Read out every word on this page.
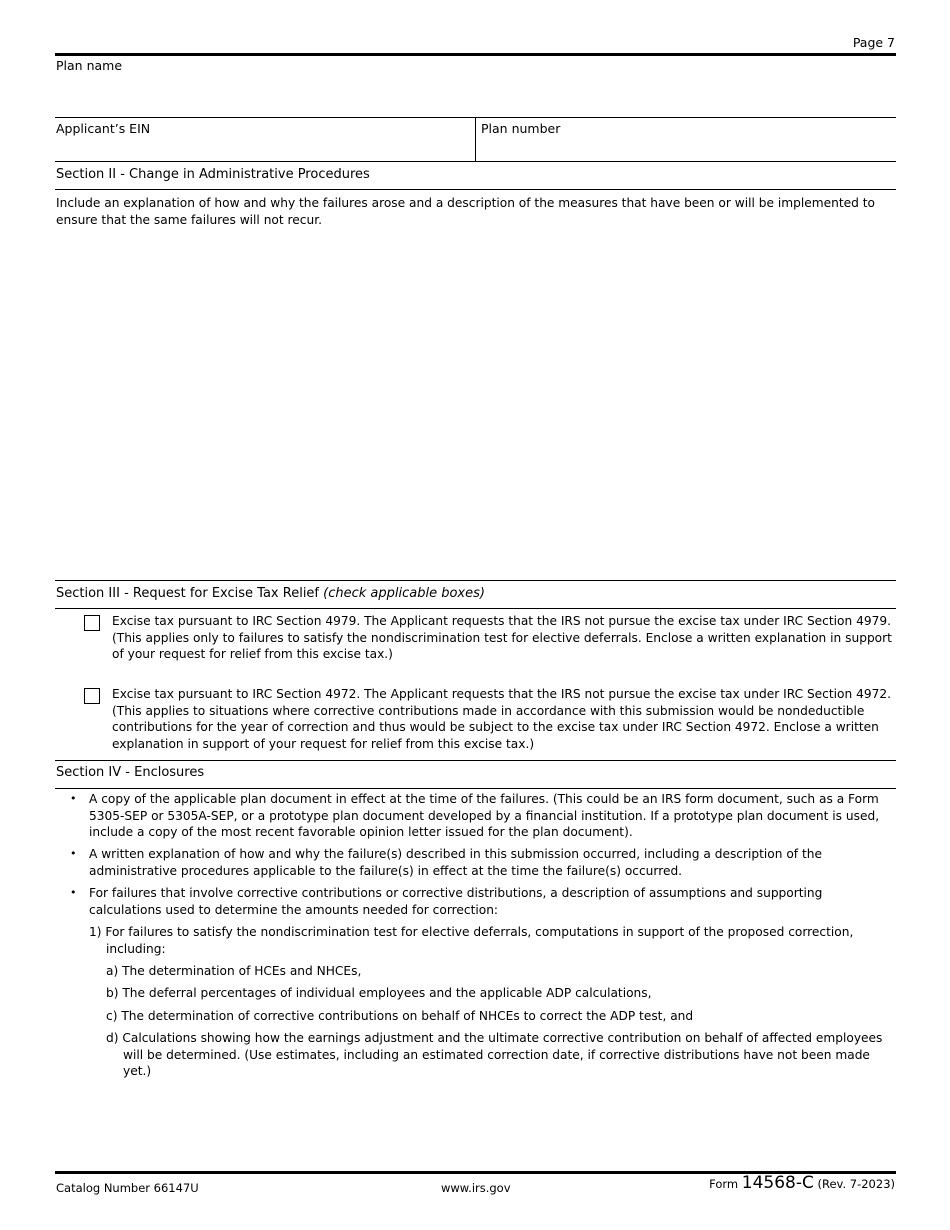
Page 7
Plan name
Applicant’s EIN	Plan number
Section II - Change in Administrative Procedures
Include an explanation of how and why the failures arose and a description of the measures that have been or will be implemented to ensure that the same failures will not recur.
Section III - Request for Excise Tax Relief (check applicable boxes)
Excise tax pursuant to IRC Section 4979. The Applicant requests that the IRS not pursue the excise tax under IRC Section 4979. (This applies only to failures to satisfy the nondiscrimination test for elective deferrals. Enclose a written explanation in support of your request for relief from this excise tax.)
Excise tax pursuant to IRC Section 4972. The Applicant requests that the IRS not pursue the excise tax under IRC Section 4972. (This applies to situations where corrective contributions made in accordance with this submission would be nondeductible contributions for the year of correction and thus would be subject to the excise tax under IRC Section 4972. Enclose a written explanation in support of your request for relief from this excise tax.)
Section IV - Enclosures
• A copy of the applicable plan document in effect at the time of the failures. (This could be an IRS form document, such as a Form 5305-SEP or 5305A-SEP, or a prototype plan document developed by a financial institution. If a prototype plan document is used, include a copy of the most recent favorable opinion letter issued for the plan document).
• A written explanation of how and why the failure(s) described in this submission occurred, including a description of the administrative procedures applicable to the failure(s) in effect at the time the failure(s) occurred.
• For failures that involve corrective contributions or corrective distributions, a description of assumptions and supporting calculations used to determine the amounts needed for correction:
1) For failures to satisfy the nondiscrimination test for elective deferrals, computations in support of the proposed correction, including:
a) The determination of HCEs and NHCEs,
b) The deferral percentages of individual employees and the applicable ADP calculations,
c) The determination of corrective contributions on behalf of NHCEs to correct the ADP test, and
d) Calculations showing how the earnings adjustment and the ultimate corrective contribution on behalf of affected employees will be determined. (Use estimates, including an estimated correction date, if corrective distributions have not been made yet.)
Catalog Number 66147U	www.irs.gov	Form 14568-C (Rev. 7-2023)
